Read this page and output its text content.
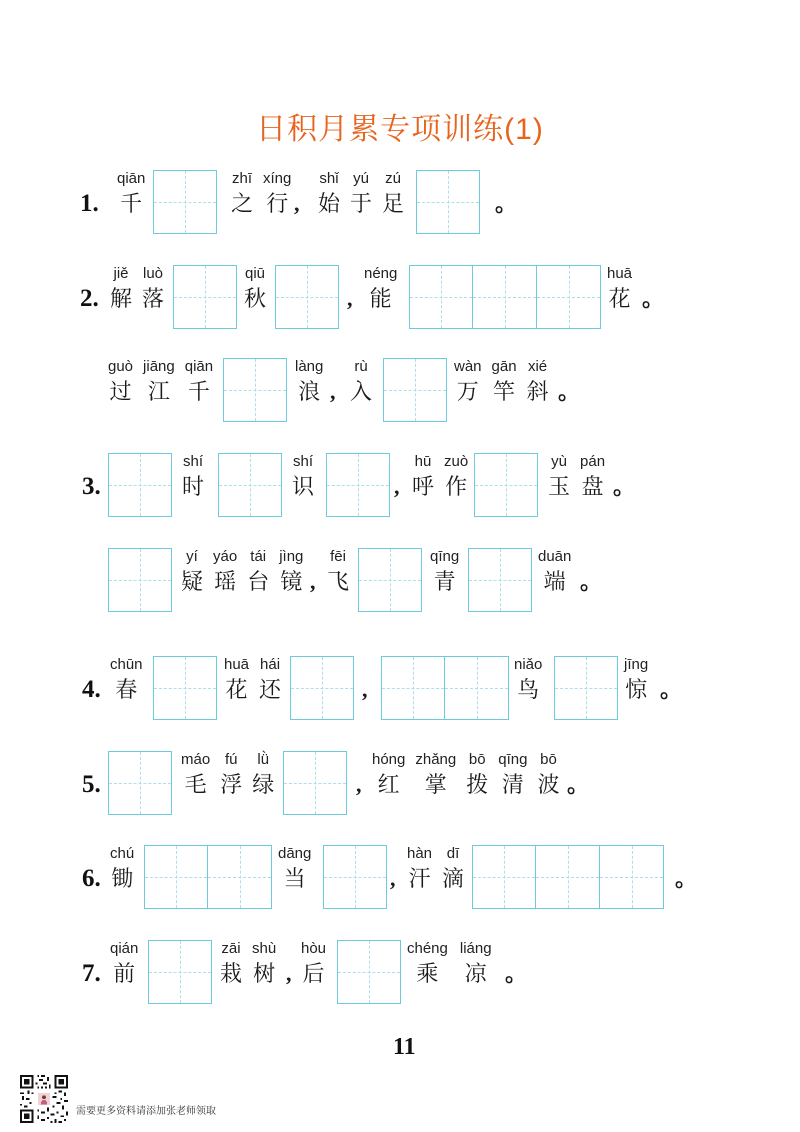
日积月累专项训练(1)
1.
qiān
千
zhī
之
xíng
行 ,
shǐ
始
yú
于
zú
足	。
2.
jiě
解
luò
落
qiū
秋	,
néng
能
huā
花 。
guò
过
jiāng
江
qiān
千
làng
浪 ,
rù
入
wàn
万
gān
竿
xié
斜 。
3.
shí
时
shí
识	,
hū
呼
zuò
作
yù
玉
pán
盘 。
yí
疑
yáo
瑶
tái
台
jìng
镜 ,
fēi
飞
qīng
青
duān
端 。
4.
chūn
春
huā
花
hái
还	,
niǎo
鸟
jīng
惊 。
5.
máo
毛
fú
浮
lǜ
绿	,
hóng
红
zhǎng
掌
bō
拨
qīng
清
bō
波 。
6.
chú
锄
dāng
当	,
hàn
汗
dī
滴	。
7.
qián
前
zāi
栽
shù
树 ,
hòu
后
chéng
乘
liáng
凉 。
11
需要更多资料请添加张老师领取
